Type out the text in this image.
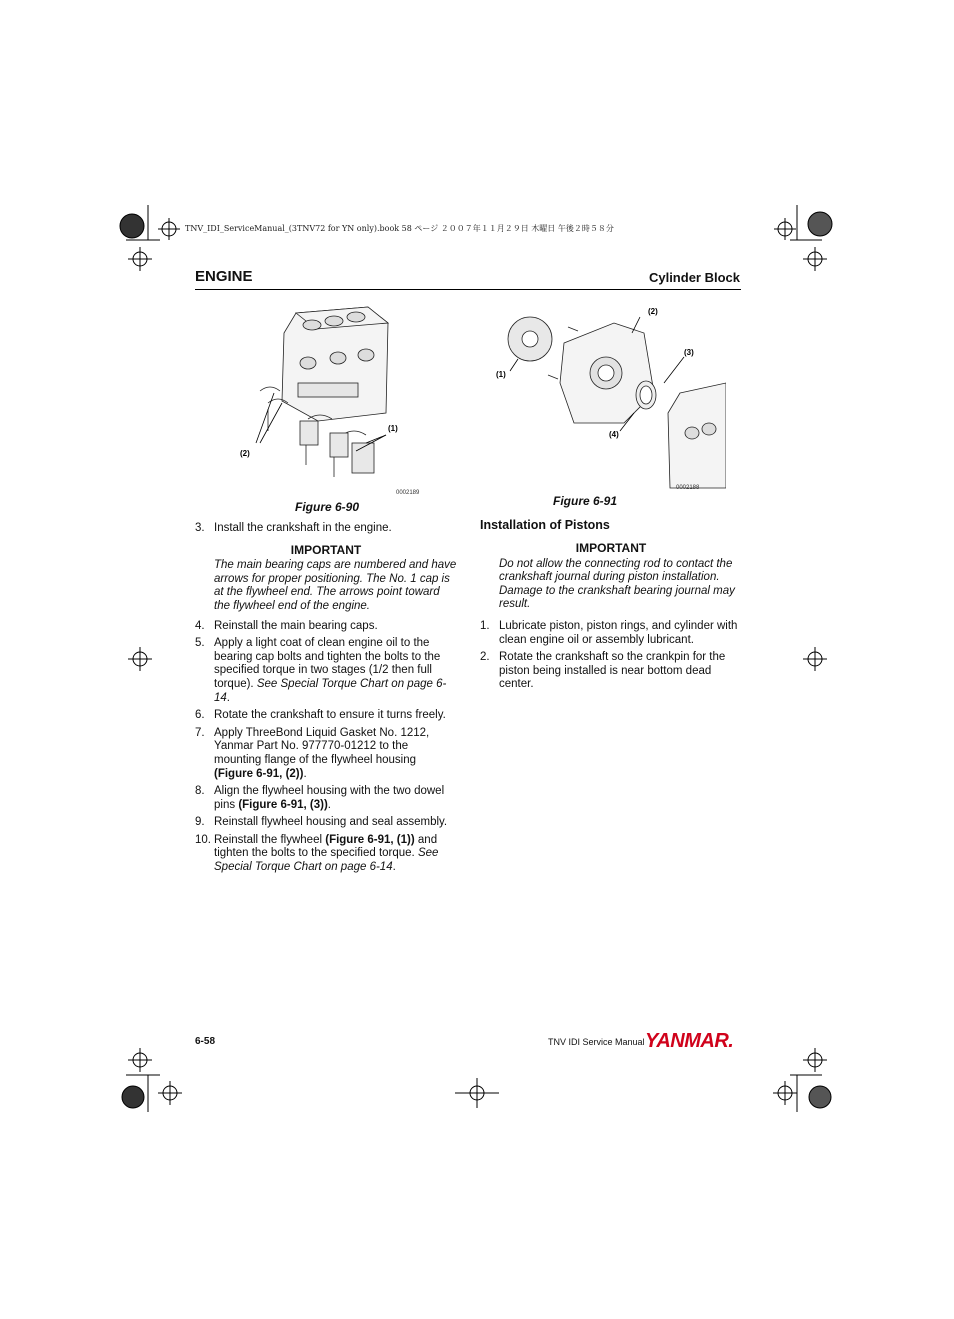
TNV_IDI_ServiceManual_(3TNV72 for YN only).book 58 ページ ２００７年１１月２９日 木曜日 午後２時５８分
ENGINE	Cylinder Block
(1)
(2)
0002189
Figure 6-90
(1)
(2)
(3)
(4)
0002188
Figure 6-91
3. Install the crankshaft in the engine.
IMPORTANT
The main bearing caps are numbered and have arrows for proper positioning. The No. 1 cap is at the flywheel end. The arrows point toward the flywheel end of the engine.
4. Reinstall the main bearing caps.
5. Apply a light coat of clean engine oil to the bearing cap bolts and tighten the bolts to the specified torque in two stages (1/2 then full torque). See Special Torque Chart on page 6-14.
6. Rotate the crankshaft to ensure it turns freely.
7. Apply ThreeBond Liquid Gasket No. 1212, Yanmar Part No. 977770-01212 to the mounting flange of the flywheel housing (Figure 6-91, (2)).
8. Align the flywheel housing with the two dowel pins (Figure 6-91, (3)).
9. Reinstall flywheel housing and seal assembly.
10. Reinstall the flywheel (Figure 6-91, (1)) and tighten the bolts to the specified torque. See Special Torque Chart on page 6-14.
Installation of Pistons
IMPORTANT
Do not allow the connecting rod to contact the crankshaft journal during piston installation. Damage to the crankshaft bearing journal may result.
1. Lubricate piston, piston rings, and cylinder with clean engine oil or assembly lubricant.
2. Rotate the crankshaft so the crankpin for the piston being installed is near bottom dead center.
6-58	TNV IDI Service Manual YANMAR.
